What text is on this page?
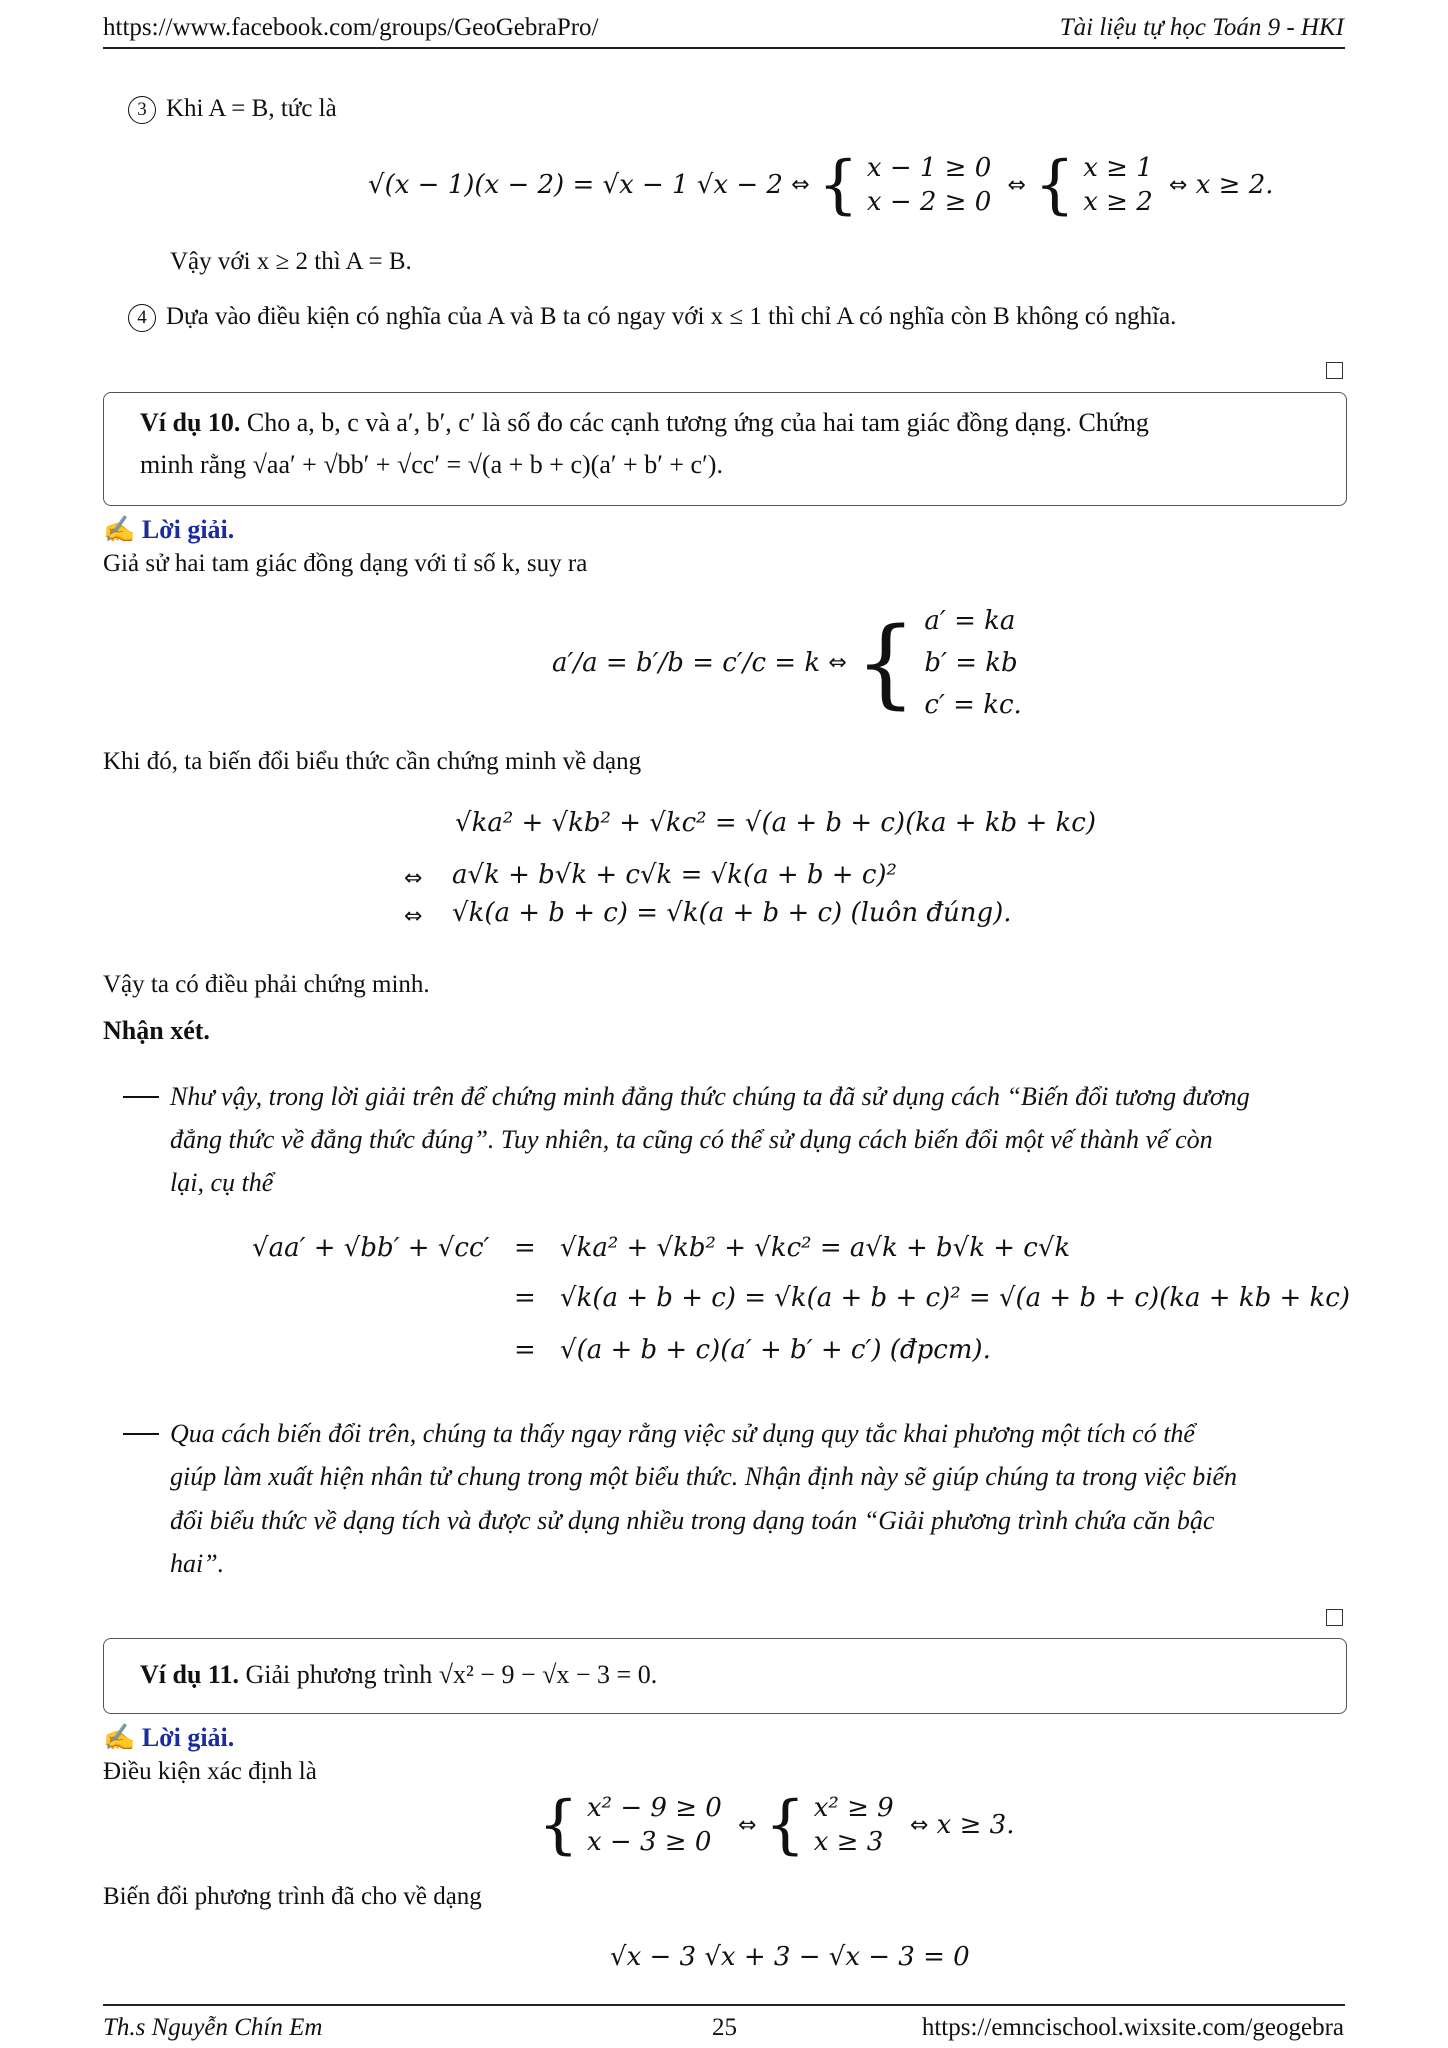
https://www.facebook.com/groups/GeoGebraPro/	Tài liệu tự học Toán 9 - HKI
3 Khi A = B, tức là
√(x − 1)(x − 2) = √x − 1 √x − 2 ⇔ { x − 1 ≥ 0
x − 2 ≥ 0 ⇔ { x ≥ 1
x ≥ 2 ⇔ x ≥ 2.
Vậy với x ≥ 2 thì A = B.
4 Dựa vào điều kiện có nghĩa của A và B ta có ngay với x ≤ 1 thì chỉ A có nghĩa còn B không có nghĩa.
Ví dụ 10. Cho a, b, c và a′, b′, c′ là số đo các cạnh tương ứng của hai tam giác đồng dạng. Chứng
minh rằng √aa′ + √bb′ + √cc′ = √(a + b + c)(a′ + b′ + c′).
✍ Lời giải.
Giả sử hai tam giác đồng dạng với tỉ số k, suy ra
a′/a = b′/b = c′/c = k ⇔ { a′ = ka
b′ = kb
c′ = kc.
Khi đó, ta biến đổi biểu thức cần chứng minh về dạng
√ka² + √kb² + √kc² = √(a + b + c)(ka + kb + kc)
⇔ a√k + b√k + c√k = √k(a + b + c)²
⇔ √k(a + b + c) = √k(a + b + c) (luôn đúng).
Vậy ta có điều phải chứng minh.
Nhận xét.
Như vậy, trong lời giải trên để chứng minh đẳng thức chúng ta đã sử dụng cách “Biến đổi tương đương
đẳng thức về đẳng thức đúng”. Tuy nhiên, ta cũng có thể sử dụng cách biến đổi một vế thành vế còn
lại, cụ thể
√aa′ + √bb′ + √cc′ = √ka² + √kb² + √kc² = a√k + b√k + c√k
= √k(a + b + c) = √k(a + b + c)² = √(a + b + c)(ka + kb + kc)
= √(a + b + c)(a′ + b′ + c′) (đpcm).
Qua cách biến đổi trên, chúng ta thấy ngay rằng việc sử dụng quy tắc khai phương một tích có thể
giúp làm xuất hiện nhân tử chung trong một biểu thức. Nhận định này sẽ giúp chúng ta trong việc biến
đổi biểu thức về dạng tích và được sử dụng nhiều trong dạng toán “Giải phương trình chứa căn bậc
hai”.
Ví dụ 11. Giải phương trình √x² − 9 − √x − 3 = 0.
✍ Lời giải.
Điều kiện xác định là
{ x² − 9 ≥ 0
x − 3 ≥ 0 ⇔ { x² ≥ 9
x ≥ 3 ⇔ x ≥ 3.
Biến đổi phương trình đã cho về dạng
√x − 3 √x + 3 − √x − 3 = 0
Th.s Nguyễn Chín Em	25	https://emncischool.wixsite.com/geogebra
